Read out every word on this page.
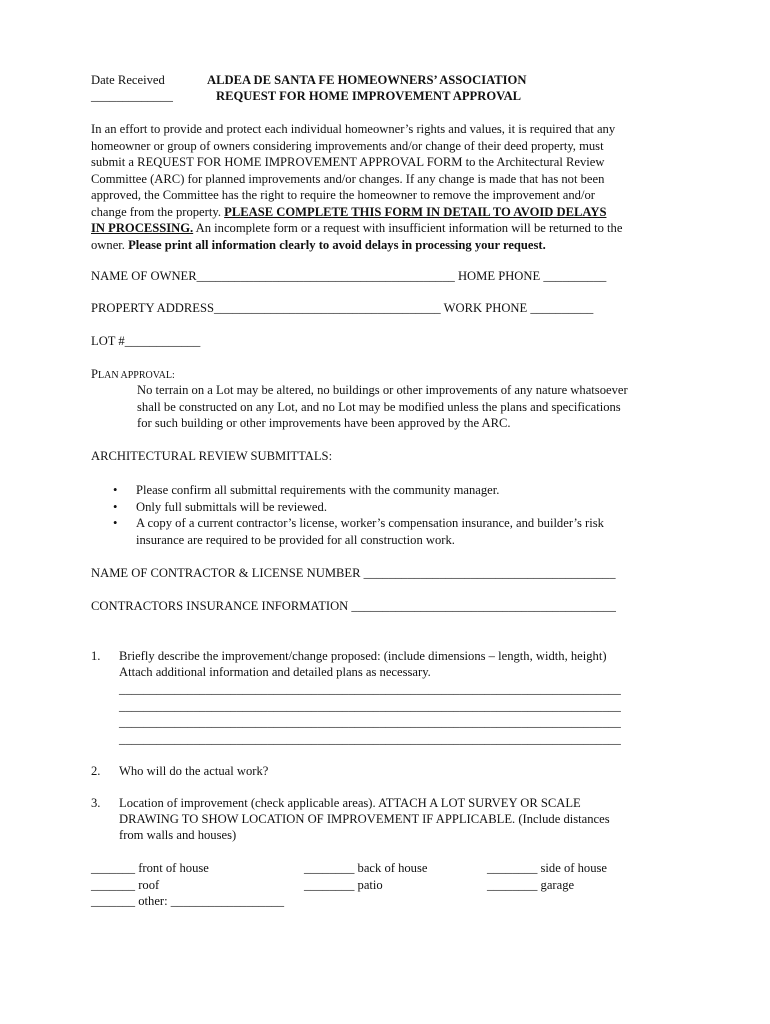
Date Received
_____________
ALDEA DE SANTA FE HOMEOWNERS’ ASSOCIATION
REQUEST FOR HOME IMPROVEMENT APPROVAL
In an effort to provide and protect each individual homeowner’s rights and values, it is required that any
homeowner or group of owners considering improvements and/or change of their deed property, must
submit a REQUEST FOR HOME IMPROVEMENT APPROVAL FORM to the Architectural Review
Committee (ARC) for planned improvements and/or changes. If any change is made that has not been
approved, the Committee has the right to require the homeowner to remove the improvement and/or
change from the property. PLEASE COMPLETE THIS FORM IN DETAIL TO AVOID DELAYS
IN PROCESSING. An incomplete form or a request with insufficient information will be returned to the
owner. Please print all information clearly to avoid delays in processing your request.
NAME OF OWNER_________________________________________ HOME PHONE __________
PROPERTY ADDRESS____________________________________ WORK PHONE __________
LOT #____________
PLAN APPROVAL:
No terrain on a Lot may be altered, no buildings or other improvements of any nature whatsoever
shall be constructed on any Lot, and no Lot may be modified unless the plans and specifications
for such building or other improvements have been approved by the ARC.
ARCHITECTURAL REVIEW SUBMITTALS:
• Please confirm all submittal requirements with the community manager.
• Only full submittals will be reviewed.
• A copy of a current contractor’s license, worker’s compensation insurance, and builder’s risk
insurance are required to be provided for all construction work.
NAME OF CONTRACTOR & LICENSE NUMBER ________________________________________
CONTRACTORS INSURANCE INFORMATION __________________________________________
1. Briefly describe the improvement/change proposed: (include dimensions – length, width, height)
Attach additional information and detailed plans as necessary.
_________________________________________________________________________________
_________________________________________________________________________________
_________________________________________________________________________________
_________________________________________________________________________________
2. Who will do the actual work?
3. Location of improvement (check applicable areas). ATTACH A LOT SURVEY OR SCALE
DRAWING TO SHOW LOCATION OF IMPROVEMENT IF APPLICABLE. (Include distances
from walls and houses)
_______ front of house	________ back of house	________ side of house
_______ roof	________ patio	________ garage
_______ other: __________________
